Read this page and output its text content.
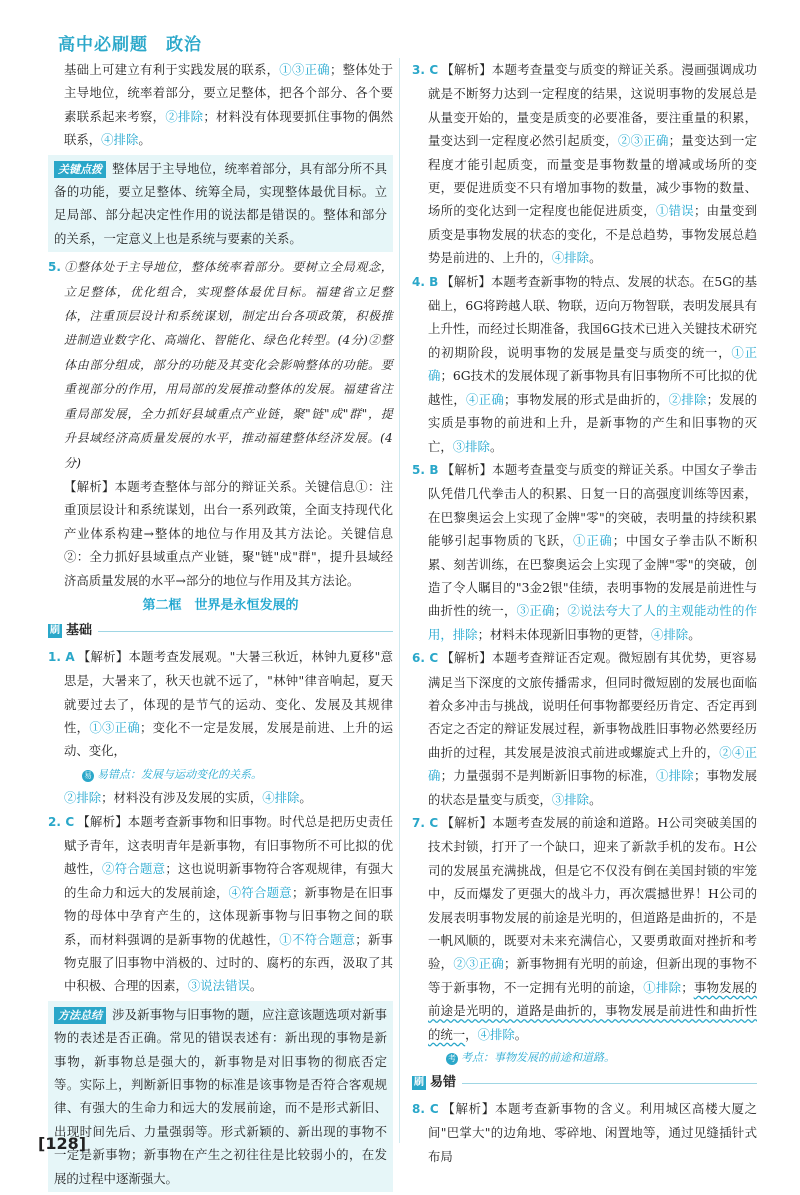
高中必刷题　政治

基础上可建立有利于实践发展的联系，①③正确；整体处于主导地位，统率着部分，要立足整体，把各个部分、各个要素联系起来考察，②排除；材料没有体现要抓住事物的偶然联系，④排除。

关键点拨 整体居于主导地位，统率着部分，具有部分所不具备的功能，要立足整体、统筹全局，实现整体最优目标。立足局部、部分起决定性作用的说法都是错误的。整体和部分的关系，一定意义上也是系统与要素的关系。

5. ①整体处于主导地位，整体统率着部分。要树立全局观念，立足整体，优化组合，实现整体最优目标。福建省立足整体，注重顶层设计和系统谋划，制定出台各项政策，积极推进制造业数字化、高端化、智能化、绿色化转型。(4分)②整体由部分组成，部分的功能及其变化会影响整体的功能。要重视部分的作用，用局部的发展推动整体的发展。福建省注重局部发展，全力抓好县域重点产业链，聚"链"成"群"，提升县域经济高质量发展的水平，推动福建整体经济发展。(4分)

【解析】本题考查整体与部分的辩证关系。关键信息①：注重顶层设计和系统谋划，出台一系列政策，全面支持现代化产业体系构建→整体的地位与作用及其方法论。关键信息②：全力抓好县域重点产业链，聚"链"成"群"，提升县域经济高质量发展的水平→部分的地位与作用及其方法论。

第二框　世界是永恒发展的
刷 基础

1. A 【解析】本题考查发展观。"大暑三秋近，林钟九夏移"意思是，大暑来了，秋天也就不远了，"林钟"律音响起，夏天就要过去了，体现的是节气的运动、变化、发展及其规律性，①③正确；变化不一定是发展，发展是前进、上升的运动、变化，

易 易错点：发展与运动变化的关系。

②排除；材料没有涉及发展的实质，④排除。

2. C 【解析】本题考查新事物和旧事物。时代总是把历史责任赋予青年，这表明青年是新事物，有旧事物所不可比拟的优越性，②符合题意；这也说明新事物符合客观规律，有强大的生命力和远大的发展前途，④符合题意；新事物是在旧事物的母体中孕育产生的，这体现新事物与旧事物之间的联系，而材料强调的是新事物的优越性，①不符合题意；新事物克服了旧事物中消极的、过时的、腐朽的东西，汲取了其中积极、合理的因素，③说法错误。

方法总结 涉及新事物与旧事物的题，应注意该题选项对新事物的表述是否正确。常见的错误表述有：新出现的事物是新事物，新事物总是强大的，新事物是对旧事物的彻底否定等。实际上，判断新旧事物的标准是该事物是否符合客观规律、有强大的生命力和远大的发展前途，而不是形式新旧、出现时间先后、力量强弱等。形式新颖的、新出现的事物不一定是新事物；新事物在产生之初往往是比较弱小的，在发展的过程中逐渐强大。

3. C 【解析】本题考查量变与质变的辩证关系。漫画强调成功就是不断努力达到一定程度的结果，这说明事物的发展总是从量变开始的，量变是质变的必要准备，要注重量的积累，量变达到一定程度必然引起质变，②③正确；量变达到一定程度才能引起质变，而量变是事物数量的增减或场所的变更，要促进质变不只有增加事物的数量，减少事物的数量、场所的变化达到一定程度也能促进质变，①错误；由量变到质变是事物发展的状态的变化，不是总趋势，事物发展总趋势是前进的、上升的，④排除。

4. B 【解析】本题考查新事物的特点、发展的状态。在5G的基础上，6G将跨越人联、物联，迈向万物智联，表明发展具有上升性，而经过长期准备，我国6G技术已进入关键技术研究的初期阶段，说明事物的发展是量变与质变的统一，①正确；6G技术的发展体现了新事物具有旧事物所不可比拟的优越性，④正确；事物发展的形式是曲折的，②排除；发展的实质是事物的前进和上升，是新事物的产生和旧事物的灭亡，③排除。

5. B 【解析】本题考查量变与质变的辩证关系。中国女子拳击队凭借几代拳击人的积累、日复一日的高强度训练等因素，在巴黎奥运会上实现了金牌"零"的突破，表明量的持续积累能够引起事物质的飞跃，①正确；中国女子拳击队不断积累、刻苦训练，在巴黎奥运会上实现了金牌"零"的突破，创造了令人瞩目的"3金2银"佳绩，表明事物的发展是前进性与曲折性的统一，③正确；②说法夸大了人的主观能动性的作用，排除；材料未体现新旧事物的更替，④排除。

6. C 【解析】本题考查辩证否定观。微短剧有其优势，更容易满足当下深度的文旅传播需求，但同时微短剧的发展也面临着众多冲击与挑战，说明任何事物都要经历肯定、否定再到否定之否定的辩证发展过程，新事物战胜旧事物必然要经历曲折的过程，其发展是波浪式前进或螺旋式上升的，②④正确；力量强弱不是判断新旧事物的标准，①排除；事物发展的状态是量变与质变，③排除。

7. C 【解析】本题考查发展的前途和道路。H公司突破美国的技术封锁，打开了一个缺口，迎来了新款手机的发布。H公司的发展虽充满挑战，但是它不仅没有倒在美国封锁的牢笼中，反而爆发了更强大的战斗力，再次震撼世界！H公司的发展表明事物发展的前途是光明的，但道路是曲折的，不是一帆风顺的，既要对未来充满信心，又要勇敢面对挫折和考验，②③正确；新事物拥有光明的前途，但新出现的事物不等于新事物，不一定拥有光明的前途，①排除；事物发展的前途是光明的，道路是曲折的，事物发展是前进性和曲折性的统一，④排除。

考 考点：事物发展的前途和道路。
刷 易错

8. C 【解析】本题考查新事物的含义。利用城区高楼大厦之间"巴掌大"的边角地、零碎地、闲置地等，通过见缝插针式布局

[128]
